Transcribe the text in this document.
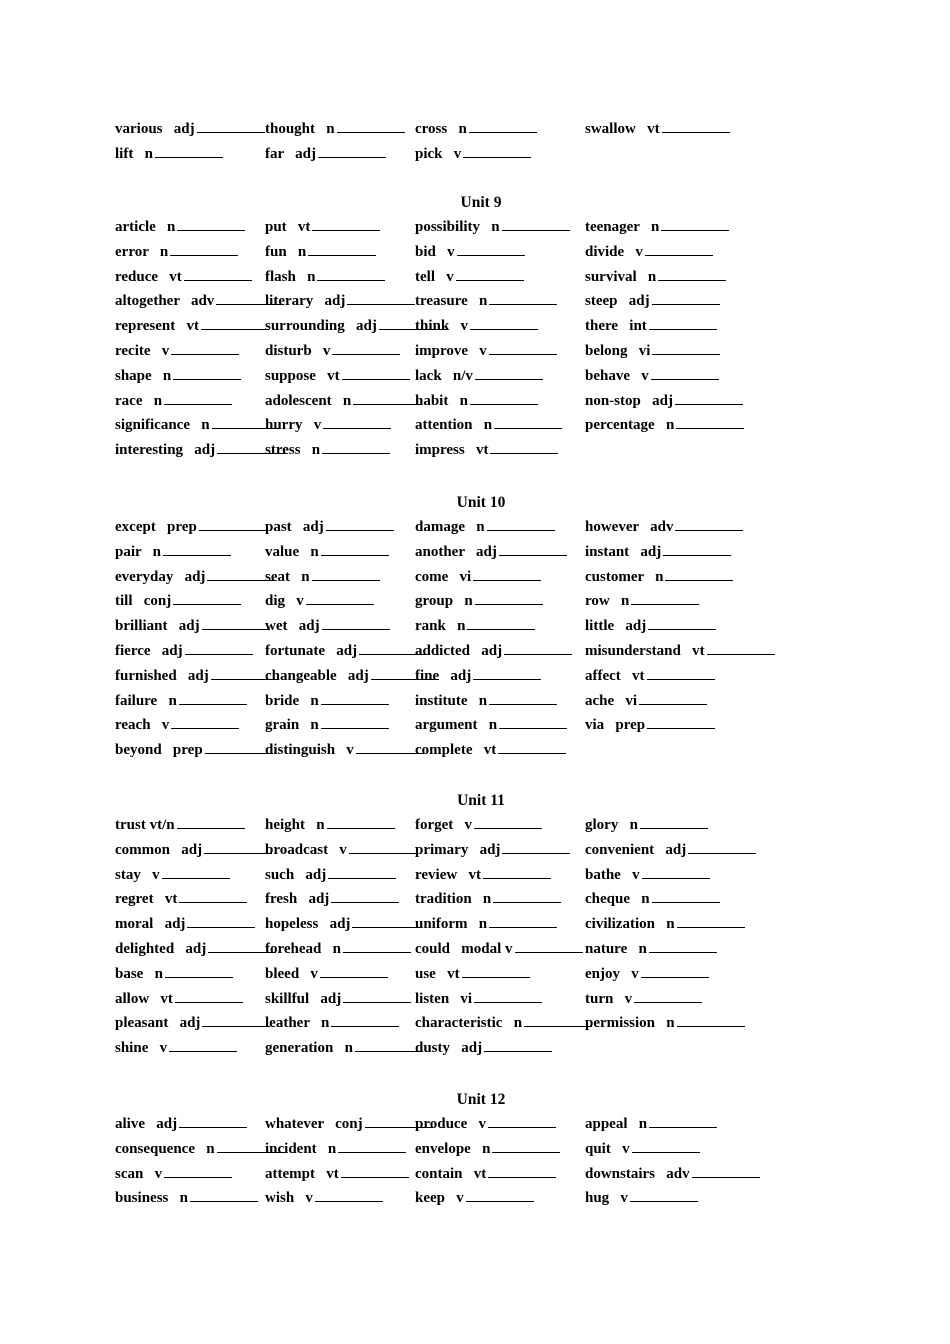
various   adj	thought   n	cross   n	swallow   vt
lift   n	far   adj	pick   v
Unit 9
article   n	put   vt	possibility   n	teenager   n
error   n	fun   n	bid   v	divide   v
reduce   vt	flash   n	tell   v	survival   n
altogether   adv	literary   adj	treasure   n	steep   adj
represent   vt	surrounding   adj	think   v	there   int
recite   v	disturb   v	improve   v	belong   vi
shape   n	suppose   vt	lack   n/v	behave   v
race   n	adolescent   n	habit   n	non-stop   adj
significance   n	hurry   v	attention   n	percentage   n
interesting   adj	stress   n	impress   vt
Unit 10
except   prep	past   adj	damage   n	however   adv
pair   n	value   n	another   adj	instant   adj
everyday   adj	seat   n	come   vi	customer   n
till   conj	dig   v	group   n	row   n
brilliant   adj	wet   adj	rank   n	little   adj
fierce   adj	fortunate   adj	addicted   adj	misunderstand   vt
furnished   adj	changeable   adj	fine   adj	affect   vt
failure   n	bride   n	institute   n	ache   vi
reach   v	grain   n	argument   n	via   prep
beyond   prep	distinguish   v	complete   vt
Unit 11
trust vt/n	height   n	forget   v	glory   n
common   adj	broadcast   v	primary   adj	convenient   adj
stay   v	such   adj	review   vt	bathe   v
regret   vt	fresh   adj	tradition   n	cheque   n
moral   adj	hopeless   adj	uniform   n	civilization   n
delighted   adj	forehead   n	could   modal v	nature   n
base   n	bleed   v	use   vt	enjoy   v
allow   vt	skillful   adj	listen   vi	turn   v
pleasant   adj	leather   n	characteristic   n	permission   n
shine   v	generation   n	dusty   adj
Unit 12
alive   adj	whatever   conj	produce   v	appeal   n
consequence   n	incident   n	envelope   n	quit   v
scan   v	attempt   vt	contain   vt	downstairs   adv
business   n	wish   v	keep   v	hug   v
